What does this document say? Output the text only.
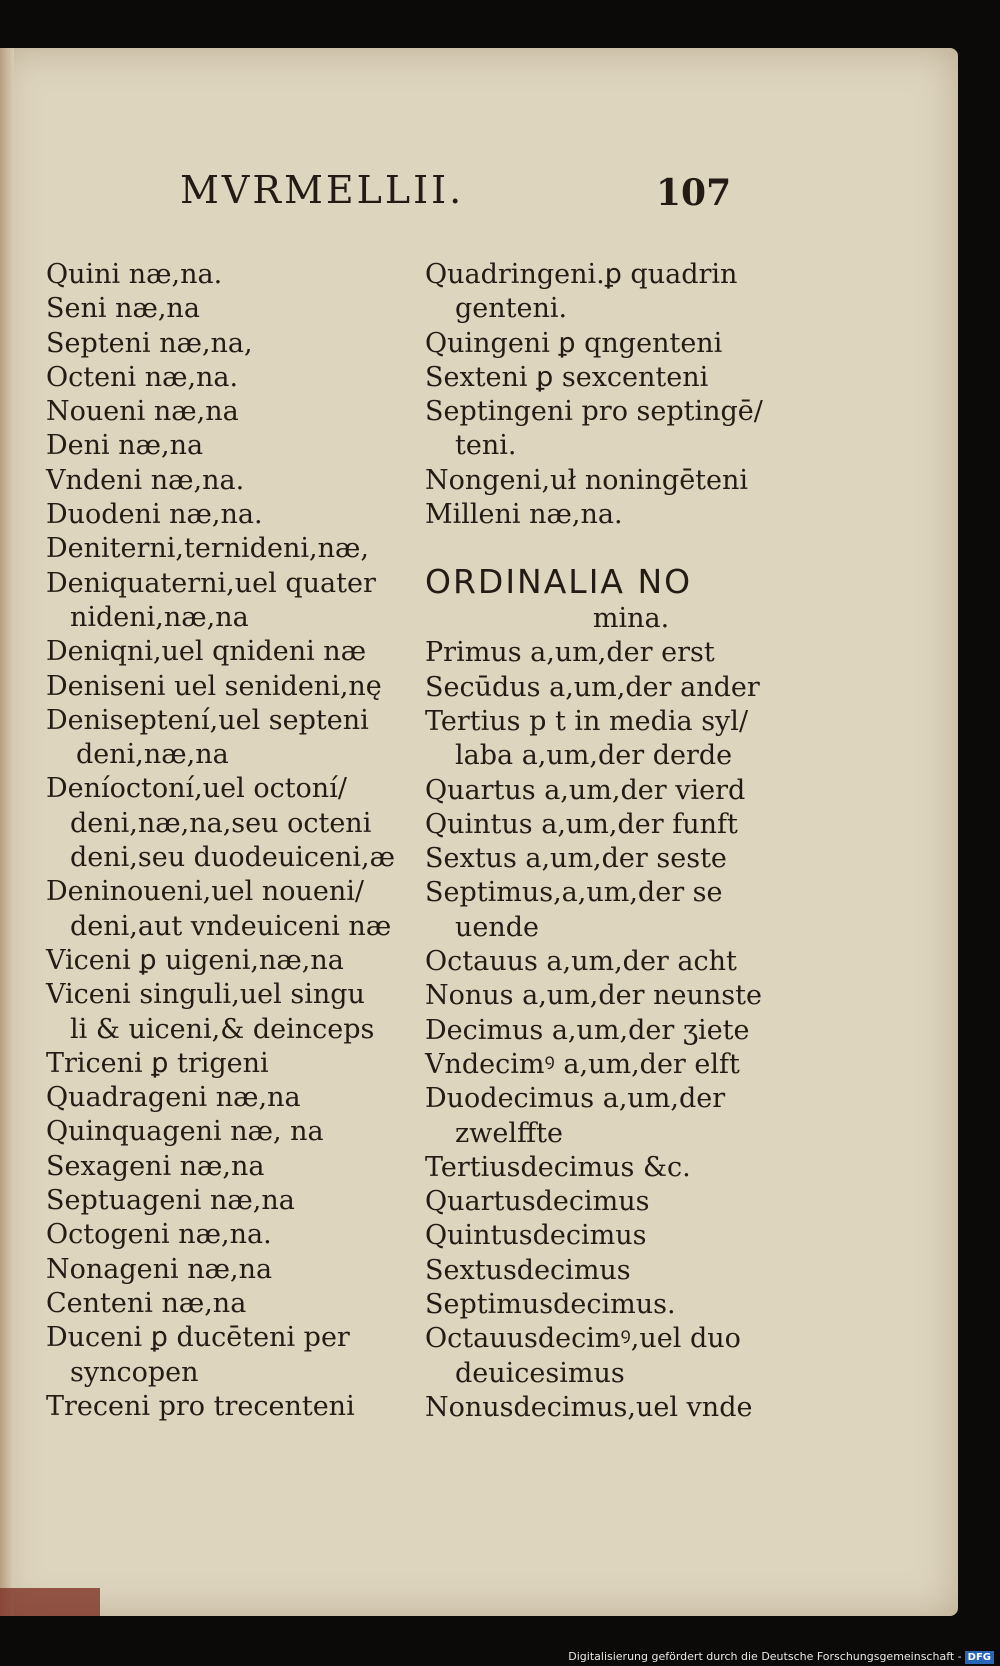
MVRMELLII.	107
Quini næ,na.
Seni næ,na
Septeni næ,na,
Octeni næ,na.
Noueni næ,na
Deni næ,na
Vndeni næ,na.
Duodeni næ,na.
Deniterni,ternideni,næ,
Deniquaterni,uel quater
nideni,næ,na
Deniqni,uel qnideni næ
Deniseni uel senideni,nę
Deniseptení,uel septeni
deni,næ,na
Deníoctoní,uel octoní/
deni,næ,na,seu octeni
deni,seu duodeuiceni,æ
Deninoueni,uel noueni/
deni,aut vndeuiceni næ
Viceni ꝑ uigeni,næ,na
Viceni singuli,uel singu
li & uiceni,& deinceps
Triceni ꝑ trigeni
Quadrageni næ,na
Quinquageni næ, na
Sexageni næ,na
Septuageni næ,na
Octogeni næ,na.
Nonageni næ,na
Centeni næ,na
Duceni ꝑ ducēteni per
syncopen
Treceni pro trecenteni
Quadringeni.ꝑ quadrin
genteni.
Quingeni ꝑ qngenteni
Sexteni ꝑ sexcenteni
Septingeni pro septingē/
teni.
Nongeni,uł noningēteni
Milleni næ,na.
ORDINALIA NO
mina.
Primus a,um,der erst
Secūdus a,um,der ander
Tertius p t in media syl/
laba a,um,der derde
Quartus a,um,der vierd
Quintus a,um,der funft
Sextus a,um,der seste
Septimus,a,um,der se
uende
Octauus a,um,der acht
Nonus a,um,der neunste
Decimus a,um,der ʒiete
Vndecimꝰ a,um,der elft
Duodecimus a,um,der
zwelffte
Tertiusdecimus &c.
Quartusdecimus
Quintusdecimus
Sextusdecimus
Septimusdecimus.
Octauusdecimꝰ,uel duo
deuicesimus
Nonusdecimus,uel vnde
Digitalisierung gefördert durch die Deutsche Forschungsgemeinschaft - DFG
